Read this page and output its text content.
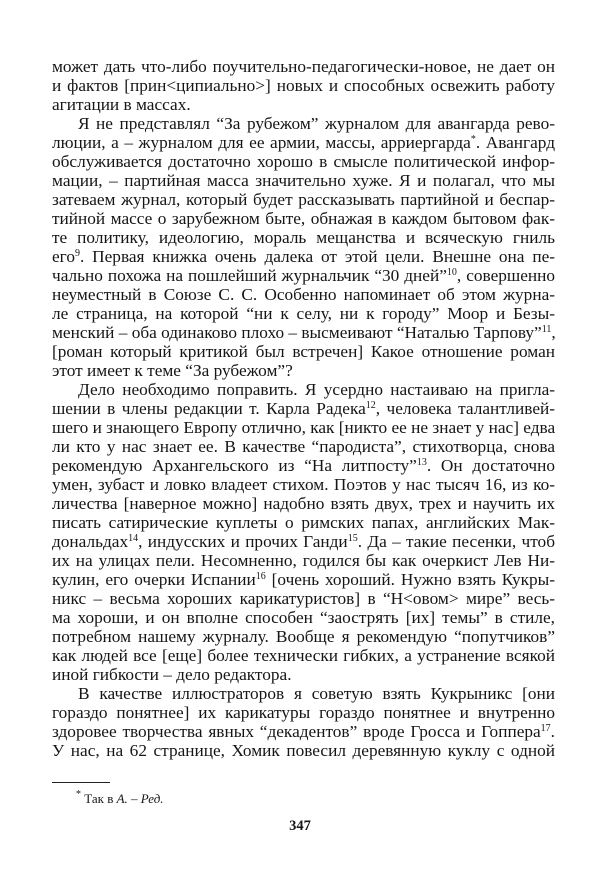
может дать что-либо поучительно-педагогически-новое, не дает он
и фактов [прин<ципиально>] новых и способных освежить работу
агитации в массах.
Я не представлял “За рубежом” журналом для авангарда рево-
люции, а – журналом для ее армии, массы, арриергарда*. Авангард
обслуживается достаточно хорошо в смысле политической инфор-
мации, – партийная масса значительно хуже. Я и полагал, что мы
затеваем журнал, который будет рассказывать партийной и беспар-
тийной массе о зарубежном быте, обнажая в каждом бытовом фак-
те политику, идеологию, мораль мещанства и всяческую гниль
его$^9$. Первая книжка очень далека от этой цели. Внешне она пе-
чально похожа на пошлейший журнальчик “30 дней”$^{10}$, совершенно
неуместный в Союзе С. С. Особенно напоминает об этом журна-
ле страница, на которой “ни к селу, ни к городу” Моор и Безы-
менский – оба одинаково плохо – высмеивают “Наталью Тарпову”$^{11}$,
[роман который критикой был встречен] Какое отношение роман
этот имеет к теме “За рубежом”?
Дело необходимо поправить. Я усердно настаиваю на пригла-
шении в члены редакции т. Карла Радека$^{12}$, человека талантливей-
шего и знающего Европу отлично, как [никто ее не знает у нас] едва
ли кто у нас знает ее. В качестве “пародиста”, стихотворца, снова
рекомендую Архангельского из “На литпосту”$^{13}$. Он достаточно
умен, зубаст и ловко владеет стихом. Поэтов у нас тысяч 16, из ко-
личества [наверное можно] надобно взять двух, трех и научить их
писать сатирические куплеты о римских папах, английских Мак-
дональдах$^{14}$, индусских и прочих Ганди$^{15}$. Да – такие песенки, чтоб
их на улицах пели. Несомненно, годился бы как очеркист Лев Ни-
кулин, его очерки Испании$^{16}$ [очень хороший. Нужно взять Кукры-
никс – весьма хороших карикатуристов] в “Н<овом> мире” весь-
ма хороши, и он вполне способен “заострять [их] темы” в стиле,
потребном нашему журналу. Вообще я рекомендую “попутчиков”
как людей все [еще] более технически гибких, а устранение всякой
иной гибкости – дело редактора.
В качестве иллюстраторов я советую взять Кукрыникс [они
гораздо понятнее] их карикатуры гораздо понятнее и внутренно
здоровее творчества явных “декадентов” вроде Гросса и Гоппера$^{17}$.
У нас, на 62 странице, Хомик повесил деревянную куклу с одной
* Так в А. – Ред.
347
